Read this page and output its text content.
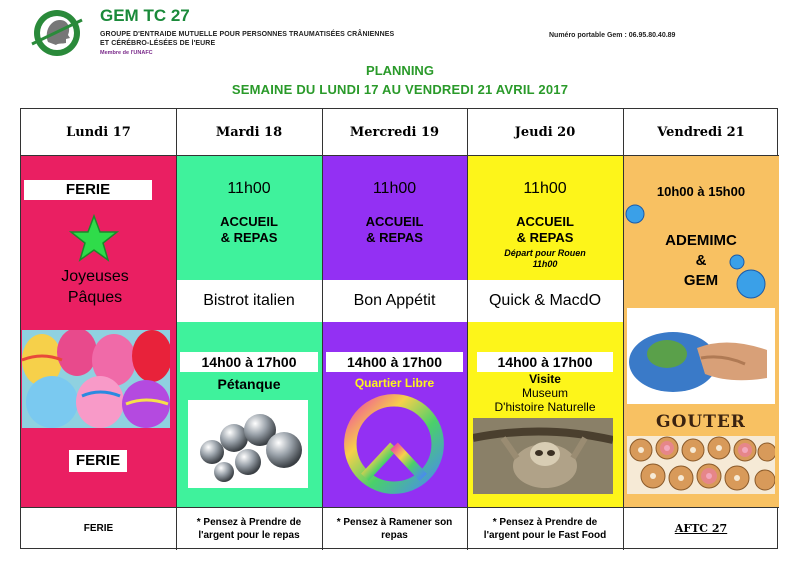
GEM TC 27
GROUPE D'ENTRAIDE MUTUELLE POUR PERSONNES TRAUMATISÉES CRÂNIENNES
ET CÉRÉBRO-LÉSÉES DE l'EURE
Membre de l'UNAFC
Numéro portable Gem : 06.95.80.40.89
PLANNING
SEMAINE DU LUNDI 17 AU VENDREDI 21 AVRIL 2017
Lundi 17
FERIE
Joyeuses
Pâques
FERIE
FERIE
Mardi 18
11h00
ACCUEIL
& REPAS
Bistrot italien
14h00 à 17h00
Pétanque
* Pensez à Prendre de
l'argent pour le repas
Mercredi 19
11h00
ACCUEIL
& REPAS
Bon Appétit
14h00 à 17h00
Quartier Libre
* Pensez à Ramener son
repas
Jeudi 20
11h00
ACCUEIL
& REPAS
Départ pour Rouen
11h00
Quick & MacdO
14h00 à 17h00
Visite
Museum
D'histoire Naturelle
* Pensez à Prendre de
l'argent pour le Fast Food
Vendredi 21
10h00 à 15h00
ADEMIMC
&
GEM
GOUTER
AFTC 27
